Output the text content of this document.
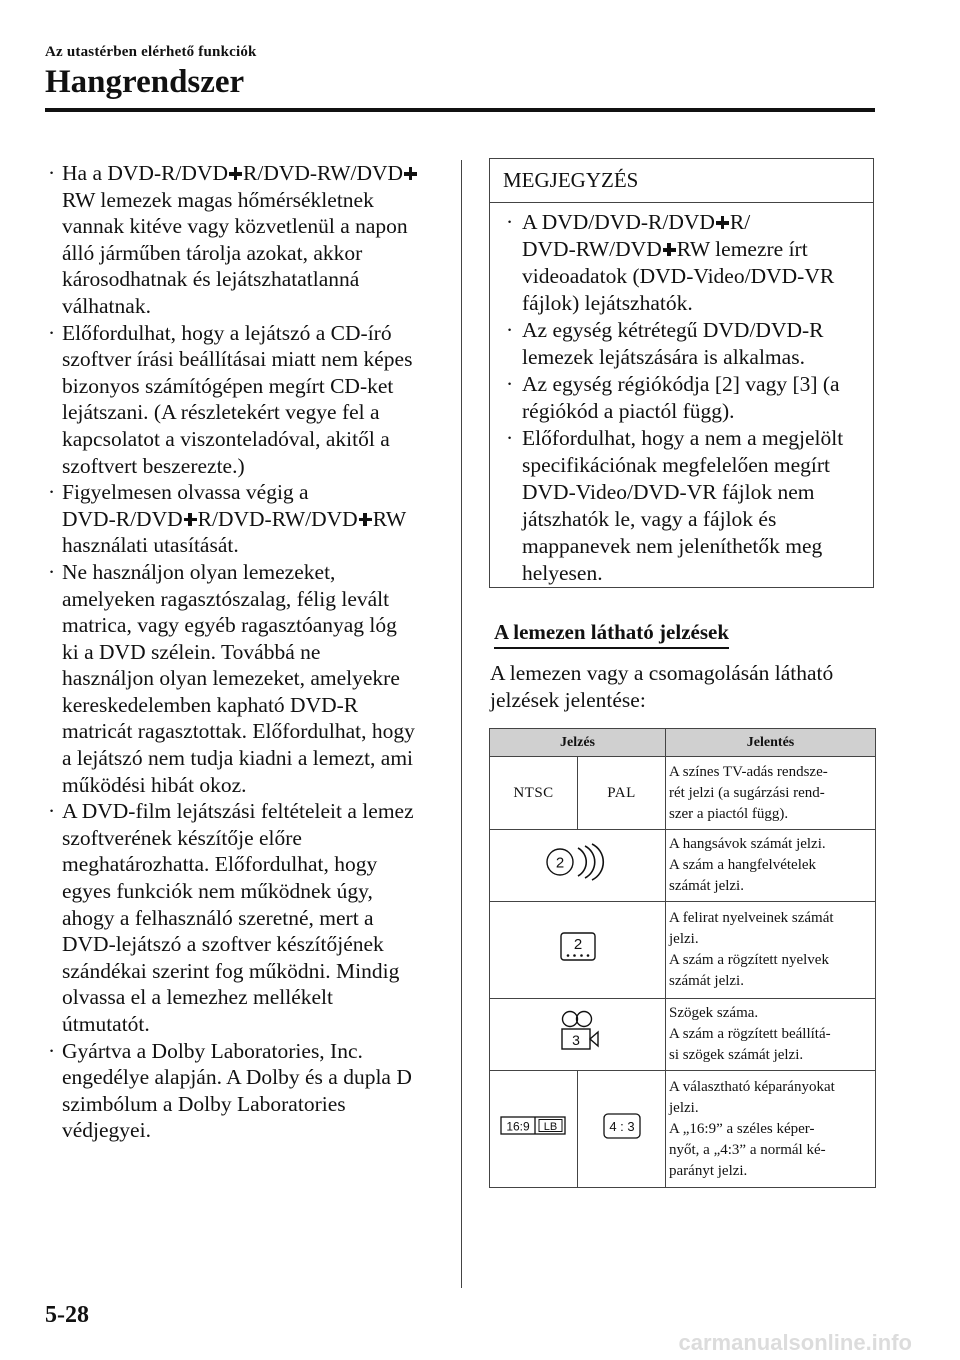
Az utastérben elérhető funkciók
Hangrendszer
· Ha a DVD-R/DVD R/DVD-RW/DVD
RW lemezek magas hőmérsékletnek
vannak kitéve vagy közvetlenül a napon
álló járműben tárolja azokat, akkor
károsodhatnak és lejátszhatatlanná
válhatnak.
· Előfordulhat, hogy a lejátszó a CD-író
szoftver írási beállításai miatt nem képes
bizonyos számítógépen megírt CD-ket
lejátszani. (A részletekért vegye fel a
kapcsolatot a viszonteladóval, akitől a
szoftvert beszerezte.)
· Figyelmesen olvassa végig a
DVD-R/DVD R/DVD-RW/DVD RW
használati utasítását.
· Ne használjon olyan lemezeket,
amelyeken ragasztószalag, félig levált
matrica, vagy egyéb ragasztóanyag lóg
ki a DVD szélein. Továbbá ne
használjon olyan lemezeket, amelyekre
kereskedelemben kapható DVD-R
matricát ragasztottak. Előfordulhat, hogy
a lejátszó nem tudja kiadni a lemezt, ami
működési hibát okoz.
· A DVD-film lejátszási feltételeit a lemez
szoftverének készítője előre
meghatározhatta. Előfordulhat, hogy
egyes funkciók nem működnek úgy,
ahogy a felhasználó szeretné, mert a
DVD-lejátszó a szoftver készítőjének
szándékai szerint fog működni. Mindig
olvassa el a lemezhez mellékelt
útmutatót.
· Gyártva a Dolby Laboratories, Inc.
engedélye alapján. A Dolby és a dupla D
szimbólum a Dolby Laboratories
védjegyei.
MEGJEGYZÉS
· A DVD/DVD-R/DVD R/
DVD-RW/DVD RW lemezre írt
videoadatok (DVD-Video/DVD-VR
fájlok) lejátszhatók.
· Az egység kétrétegű DVD/DVD-R
lemezek lejátszására is alkalmas.
· Az egység régiókódja [2] vagy [3] (a
régiókód a piactól függ).
· Előfordulhat, hogy a nem a megjelölt
specifikációnak megfelelően megírt
DVD-Video/DVD-VR fájlok nem
játszhatók le, vagy a fájlok és
mappanevek nem jeleníthetők meg
helyesen.
A lemezen látható jelzések
A lemezen vagy a csomagolásán látható
jelzések jelentése:
Jelzés		Jelentés
NTSC	PAL	A színes TV-adás rendsze-
rét jelzi (a sugárzási rend-
szer a piactól függ).

2		A hangsávok számát jelzi.
A szám a hangfelvételek
számát jelzi.

2		A felirat nyelveinek számát
jelzi.
A szám a rögzített nyelvek
számát jelzi.

3		Szögek száma.
A szám a rögzített beállítá-
si szögek számát jelzi.

16:9 LB	4 : 3	A választható képarányokat
jelzi.
A „16:9” a széles képer-
nyőt, a „4:3” a normál ké-
parányt jelzi.
5-28
carmanualsonline.info
